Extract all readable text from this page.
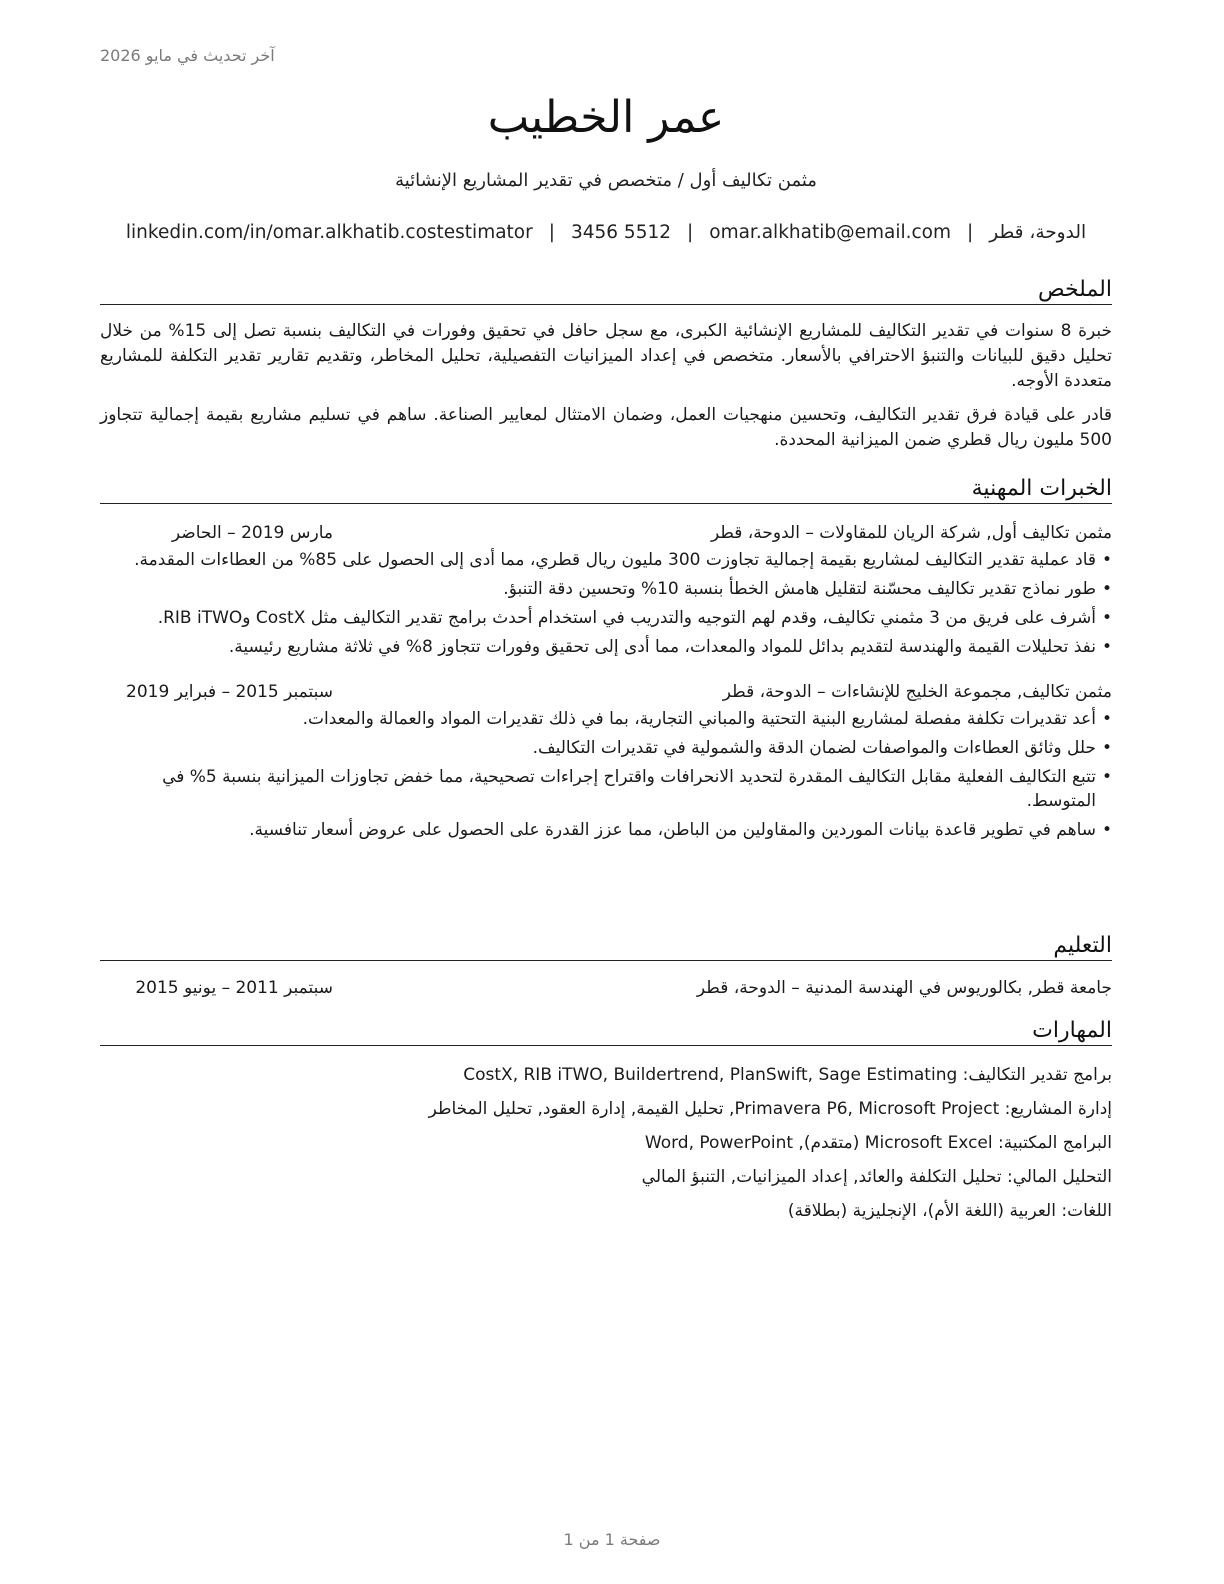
آخر تحديث في مايو 2026
عمر الخطيب
مثمن تكاليف أول / متخصص في تقدير المشاريع الإنشائية
الدوحة، قطر|omar.alkhatib@email.com|3456 5512|linkedin.com/in/omar.alkhatib.costestimator
الملخص

خبرة 8 سنوات في تقدير التكاليف للمشاريع الإنشائية الكبرى، مع سجل حافل في تحقيق وفورات في التكاليف بنسبة تصل إلى 15% من خلال تحليل دقيق للبيانات والتنبؤ الاحترافي بالأسعار. متخصص في إعداد الميزانيات التفصيلية، تحليل المخاطر، وتقديم تقارير تقدير التكلفة للمشاريع متعددة الأوجه.

قادر على قيادة فرق تقدير التكاليف، وتحسين منهجيات العمل، وضمان الامتثال لمعايير الصناعة. ساهم في تسليم مشاريع بقيمة إجمالية تتجاوز 500 مليون ريال قطري ضمن الميزانية المحددة.

الخبرات المهنية
مثمن تكاليف أول, شركة الريان للمقاولات – الدوحة، قطر
مارس 2019 – الحاضر
•
قاد عملية تقدير التكاليف لمشاريع بقيمة إجمالية تجاوزت 300 مليون ريال قطري، مما أدى إلى الحصول على 85% من العطاءات المقدمة.
•
طور نماذج تقدير تكاليف محسّنة لتقليل هامش الخطأ بنسبة 10% وتحسين دقة التنبؤ.
•
أشرف على فريق من 3 مثمني تكاليف، وقدم لهم التوجيه والتدريب في استخدام أحدث برامج تقدير التكاليف مثل CostX وRIB iTWO.
•
نفذ تحليلات القيمة والهندسة لتقديم بدائل للمواد والمعدات، مما أدى إلى تحقيق وفورات تتجاوز 8% في ثلاثة مشاريع رئيسية.
مثمن تكاليف, مجموعة الخليج للإنشاءات – الدوحة، قطر
سبتمبر 2015 – فبراير 2019
•
أعد تقديرات تكلفة مفصلة لمشاريع البنية التحتية والمباني التجارية، بما في ذلك تقديرات المواد والعمالة والمعدات.
•
حلل وثائق العطاءات والمواصفات لضمان الدقة والشمولية في تقديرات التكاليف.
•
تتبع التكاليف الفعلية مقابل التكاليف المقدرة لتحديد الانحرافات واقتراح إجراءات تصحيحية، مما خفض تجاوزات الميزانية بنسبة 5% في المتوسط.
•
ساهم في تطوير قاعدة بيانات الموردين والمقاولين من الباطن، مما عزز القدرة على الحصول على عروض أسعار تنافسية.
التعليم
جامعة قطر, بكالوريوس في الهندسة المدنية – الدوحة، قطر
سبتمبر 2011 – يونيو 2015
المهارات
برامج تقدير التكاليف: CostX, RIB iTWO, Buildertrend, PlanSwift, Sage Estimating
إدارة المشاريع: Primavera P6, Microsoft Project, تحليل القيمة, إدارة العقود, تحليل المخاطر
البرامج المكتبية: Microsoft Excel (متقدم), Word, PowerPoint
التحليل المالي: تحليل التكلفة والعائد, إعداد الميزانيات, التنبؤ المالي
اللغات: العربية (اللغة الأم)، الإنجليزية (بطلاقة)
صفحة 1 من 1
